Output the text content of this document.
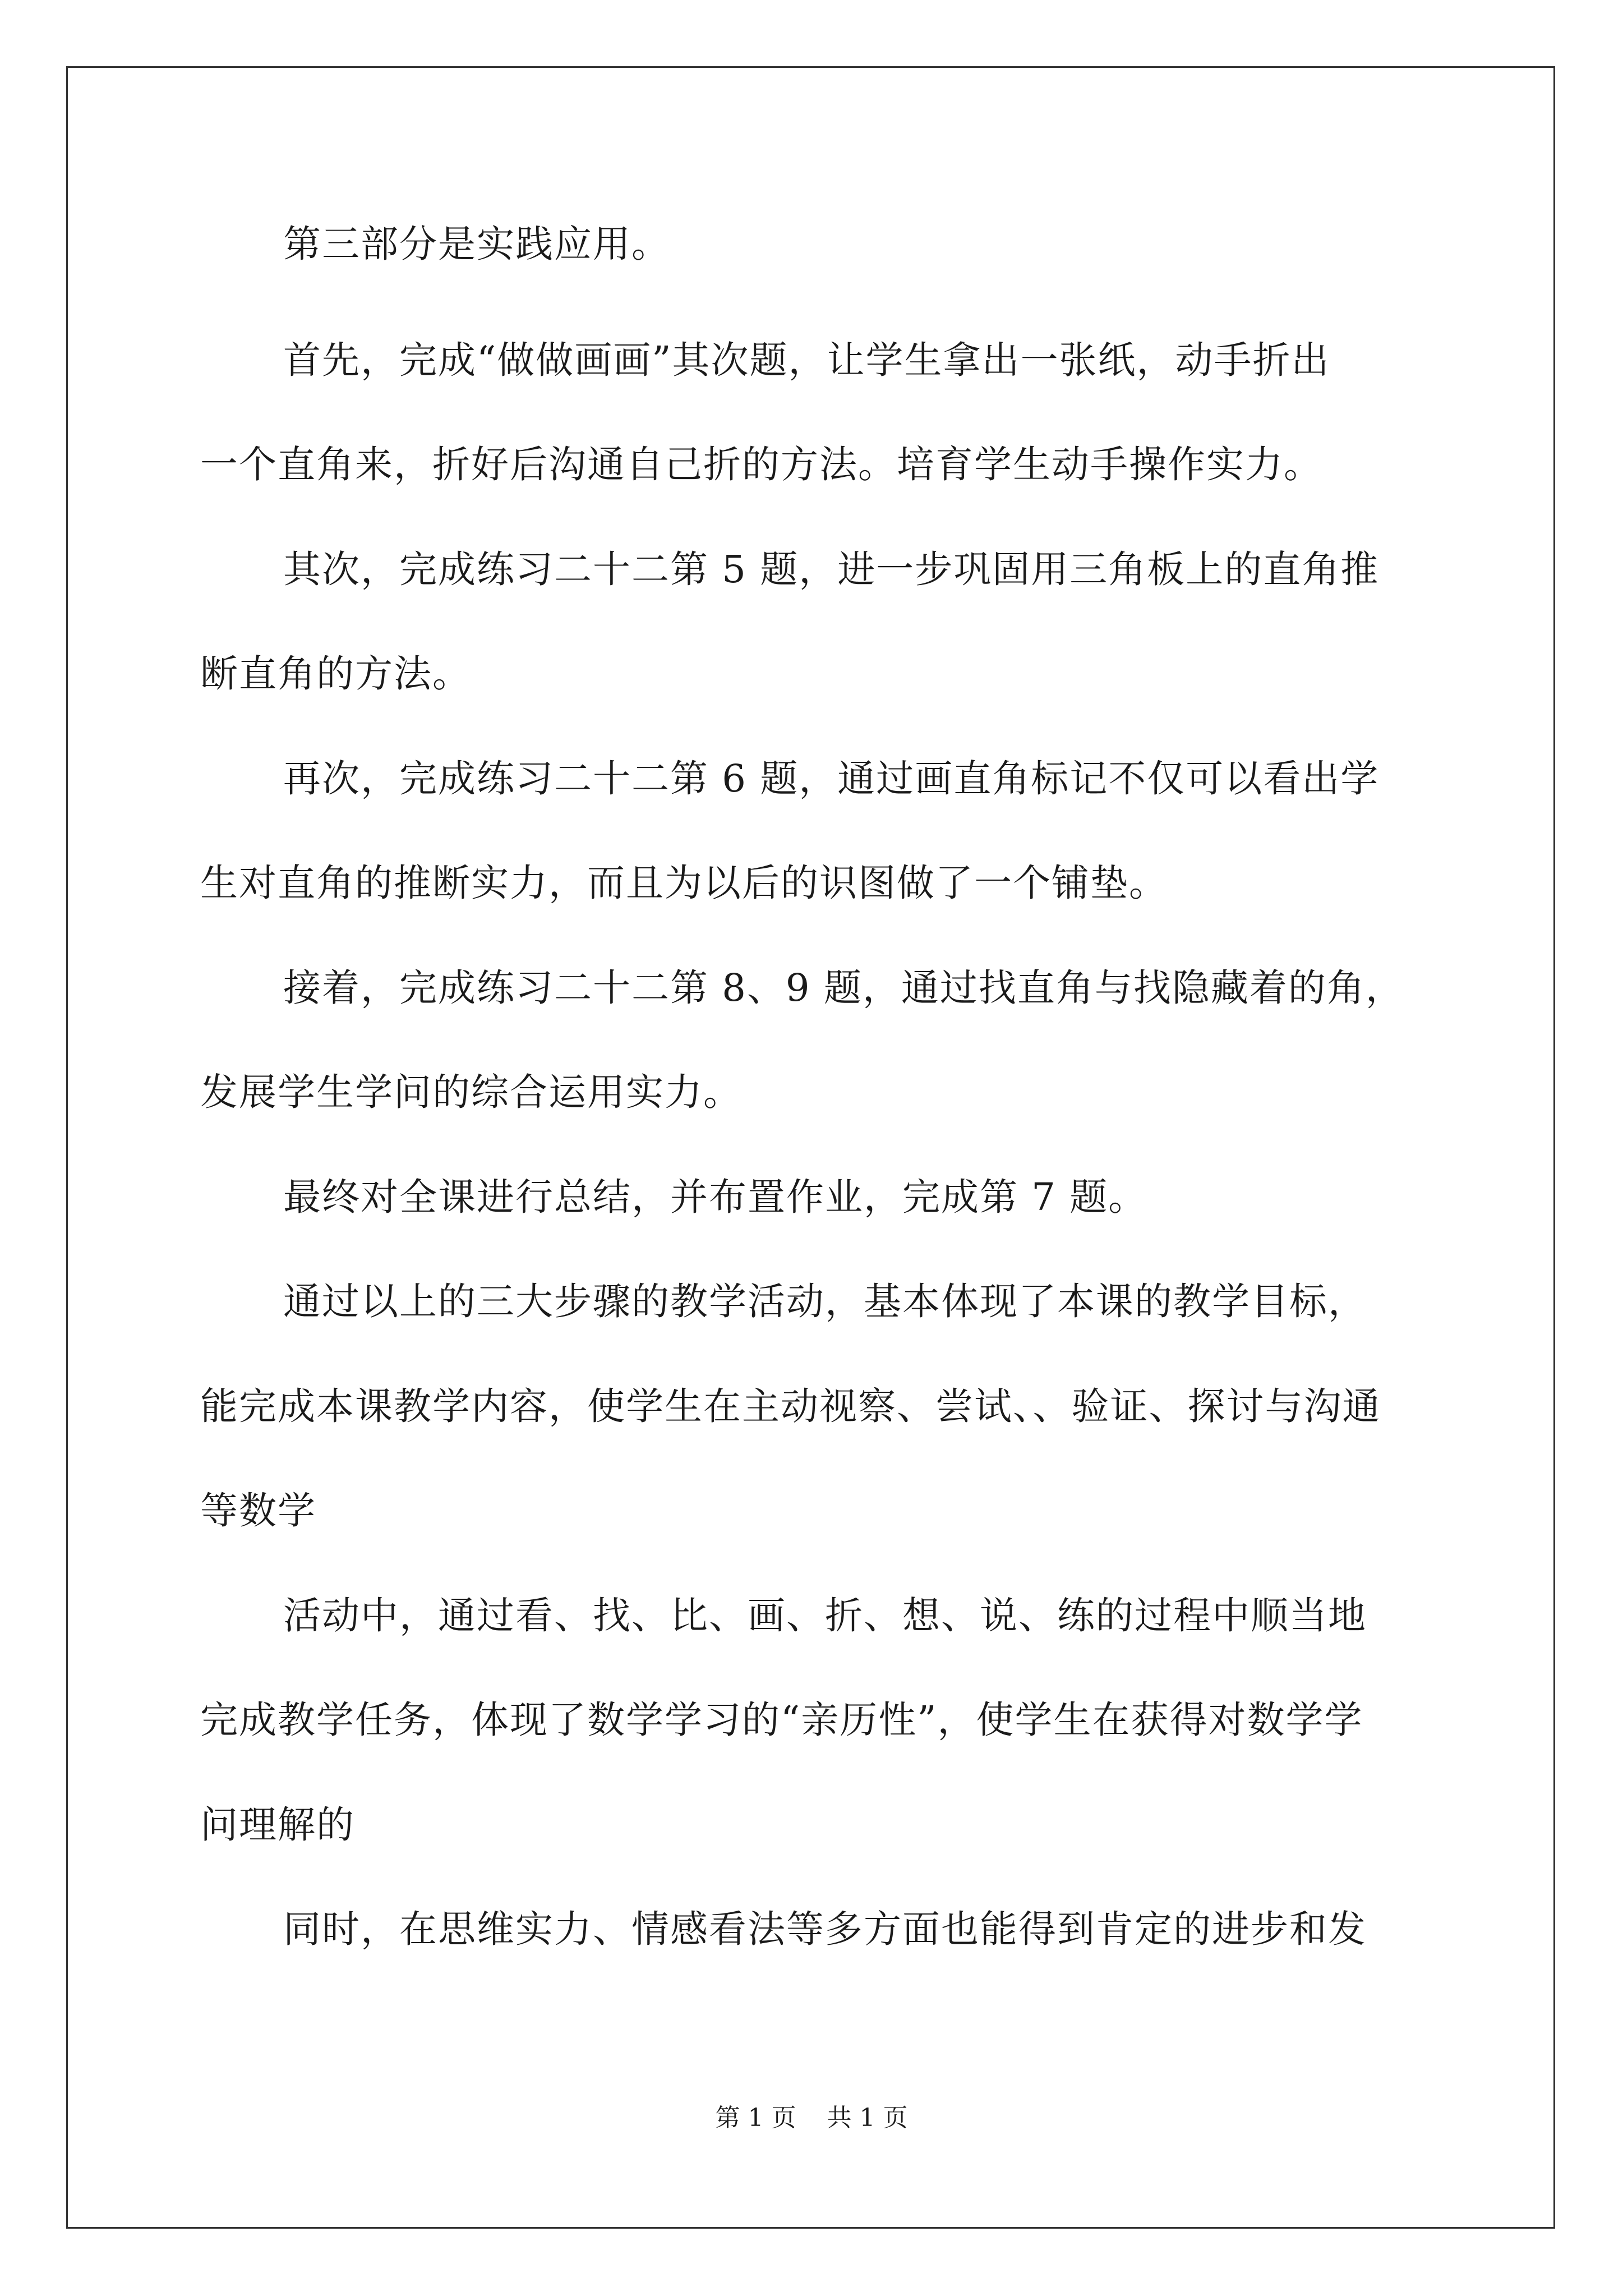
第三部分是实践应用。

首先，完成“做做画画”其次题，让学生拿出一张纸，动手折出

一个直角来，折好后沟通自己折的方法。培育学生动手操作实力。

其次，完成练习二十二第 5 题，进一步巩固用三角板上的直角推

断直角的方法。

再次，完成练习二十二第 6 题，通过画直角标记不仅可以看出学

生对直角的推断实力，而且为以后的识图做了一个铺垫。

接着，完成练习二十二第 8、9 题，通过找直角与找隐藏着的角，

发展学生学问的综合运用实力。

最终对全课进行总结，并布置作业，完成第 7 题。

通过以上的三大步骤的教学活动，基本体现了本课的教学目标，

能完成本课教学内容，使学生在主动视察、尝试、、验证、探讨与沟通

等数学

活动中，通过看、找、比、画、折、想、说、练的过程中顺当地

完成教学任务，体现了数学学习的“亲历性”，使学生在获得对数学学

问理解的

同时，在思维实力、情感看法等多方面也能得到肯定的进步和发

第 1 页 共 1 页
